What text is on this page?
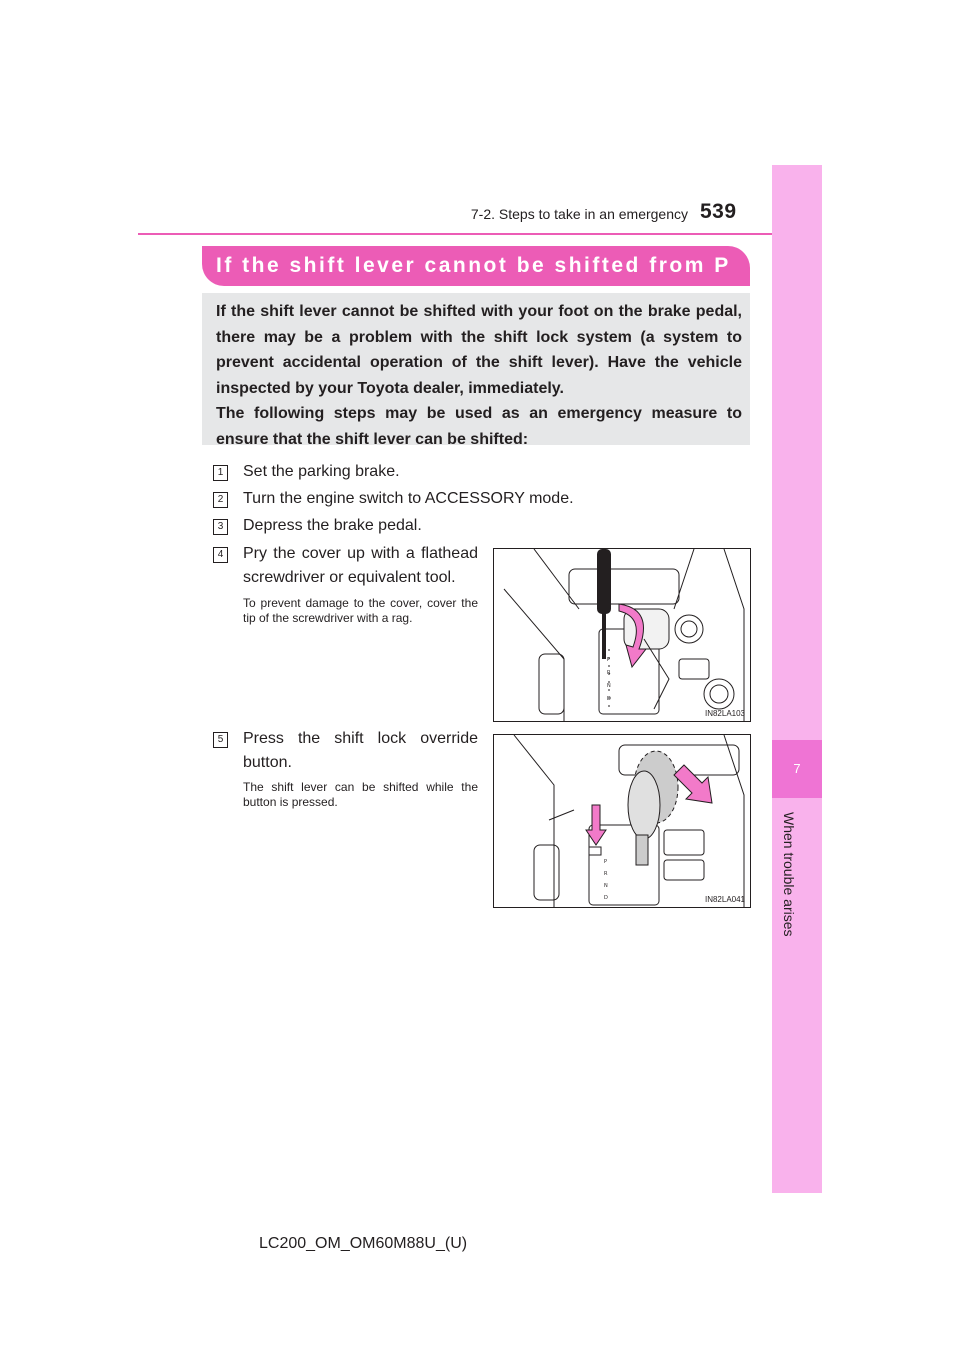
7-2. Steps to take in an emergency 539
7
When trouble arises
If the shift lever cannot be shifted from P

If the shift lever cannot be shifted with your foot on the brake pedal, there may be a problem with the shift lock system (a system to prevent accidental operation of the shift lever). Have the vehicle inspected by your Toyota dealer, immediately.

The following steps may be used as an emergency measure to ensure that the shift lever can be shifted:

1 Set the parking brake.
2 Turn the engine switch to ACCESSORY mode.
3 Depress the brake pedal.
4 Pry the cover up with a flathead screwdriver or equivalent tool.
To prevent damage to the cover, cover the tip of the screwdriver with a rag.
P
R
N
D
IN82LA103
5 Press the shift lock override button.
The shift lever can be shifted while the button is pressed.
P
R
N
D	IN82LA041
LC200_OM_OM60M88U_(U)
